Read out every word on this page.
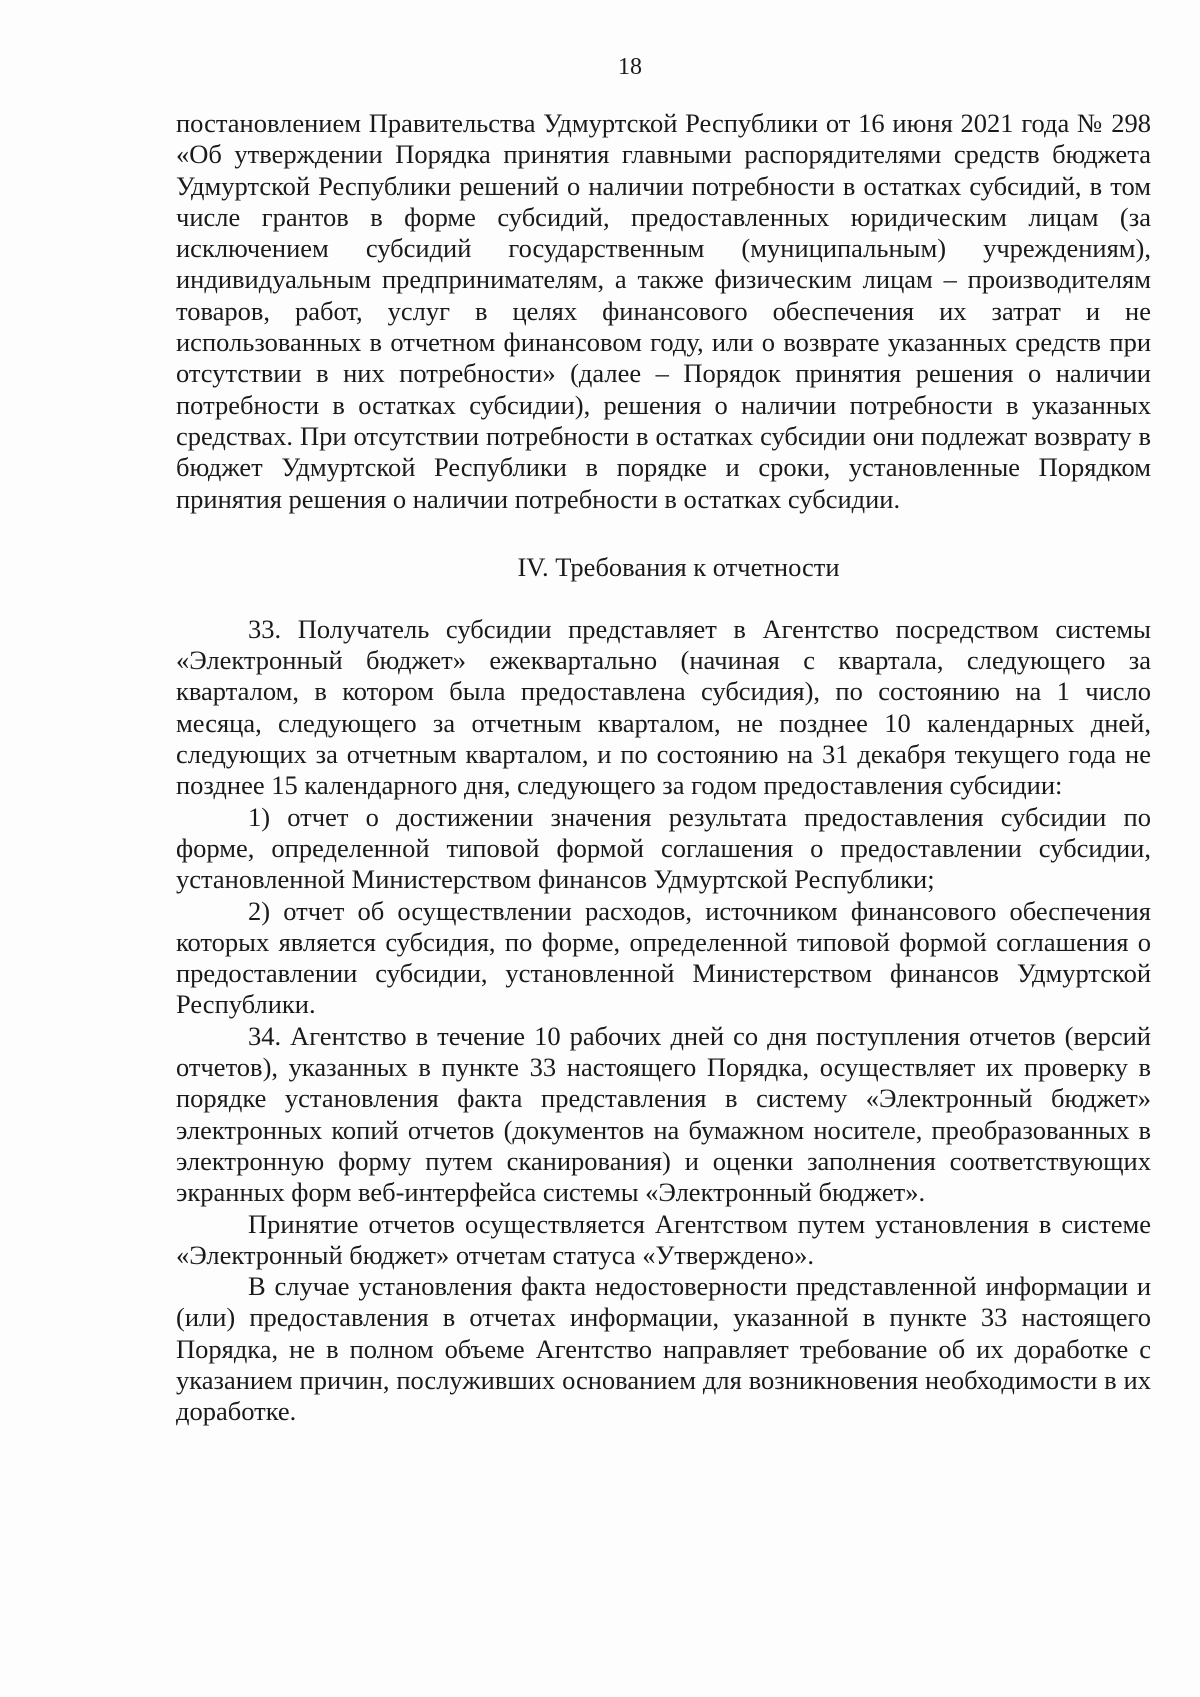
18

постановлением Правительства Удмуртской Республики от 16 июня 2021 года № 298 «Об утверждении Порядка принятия главными распорядителями средств бюджета Удмуртской Республики решений о наличии потребности в остатках субсидий, в том числе грантов в форме субсидий, предоставленных юридическим лицам (за исключением субсидий государственным (муниципальным) учреждениям), индивидуальным предпринимателям, а также физическим лицам – производителям товаров, работ, услуг в целях финансового обеспечения их затрат и не использованных в отчетном финансовом году, или о возврате указанных средств при отсутствии в них потребности» (далее – Порядок принятия решения о наличии потребности в остатках субсидии), решения о наличии потребности в указанных средствах. При отсутствии потребности в остатках субсидии они подлежат возврату в бюджет Удмуртской Республики в порядке и сроки, установленные Порядком принятия решения о наличии потребности в остатках субсидии.

IV. Требования к отчетности

33. Получатель субсидии представляет в Агентство посредством системы «Электронный бюджет» ежеквартально (начиная с квартала, следующего за кварталом, в котором была предоставлена субсидия), по состоянию на 1 число месяца, следующего за отчетным кварталом, не позднее 10 календарных дней, следующих за отчетным кварталом, и по состоянию на 31 декабря текущего года не позднее 15 календарного дня, следующего за годом предоставления субсидии:

1) отчет о достижении значения результата предоставления субсидии по форме, определенной типовой формой соглашения о предоставлении субсидии, установленной Министерством финансов Удмуртской Республики;

2) отчет об осуществлении расходов, источником финансового обеспечения которых является субсидия, по форме, определенной типовой формой соглашения о предоставлении субсидии, установленной Министерством финансов Удмуртской Республики.

34. Агентство в течение 10 рабочих дней со дня поступления отчетов (версий отчетов), указанных в пункте 33 настоящего Порядка, осуществляет их проверку в порядке установления факта представления в систему «Электронный бюджет» электронных копий отчетов (документов на бумажном носителе, преобразованных в электронную форму путем сканирования) и оценки заполнения соответствующих экранных форм веб-интерфейса системы «Электронный бюджет».

Принятие отчетов осуществляется Агентством путем установления в системе «Электронный бюджет» отчетам статуса «Утверждено».

В случае установления факта недостоверности представленной информации и (или) предоставления в отчетах информации, указанной в пункте 33 настоящего Порядка, не в полном объеме Агентство направляет требование об их доработке с указанием причин, послуживших основанием для возникновения необходимости в их доработке.
